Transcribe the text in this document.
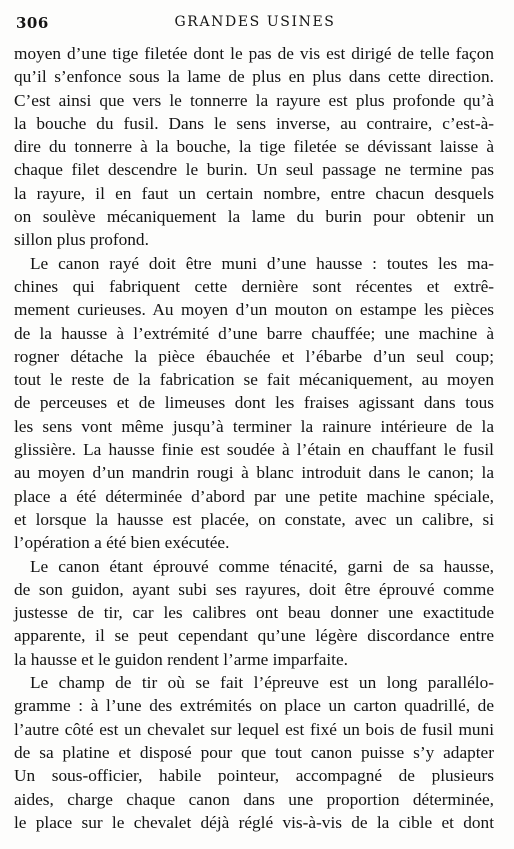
306	GRANDES USINES
moyen d’une tige filetée dont le pas de vis est dirigé de telle façon
qu’il s’enfonce sous la lame de plus en plus dans cette direction.
C’est ainsi que vers le tonnerre la rayure est plus profonde qu’à
la bouche du fusil. Dans le sens inverse, au contraire, c’est-à-
dire du tonnerre à la bouche, la tige filetée se dévissant laisse à
chaque filet descendre le burin. Un seul passage ne termine pas
la rayure, il en faut un certain nombre, entre chacun desquels
on soulève mécaniquement la lame du burin pour obtenir un
sillon plus profond.
Le canon rayé doit être muni d’une hausse : toutes les ma-
chines qui fabriquent cette dernière sont récentes et extrê-
mement curieuses. Au moyen d’un mouton on estampe les pièces
de la hausse à l’extrémité d’une barre chauffée; une machine à
rogner détache la pièce ébauchée et l’ébarbe d’un seul coup;
tout le reste de la fabrication se fait mécaniquement, au moyen
de perceuses et de limeuses dont les fraises agissant dans tous
les sens vont même jusqu’à terminer la rainure intérieure de la
glissière. La hausse finie est soudée à l’étain en chauffant le fusil
au moyen d’un mandrin rougi à blanc introduit dans le canon; la
place a été déterminée d’abord par une petite machine spéciale,
et lorsque la hausse est placée, on constate, avec un calibre, si
l’opération a été bien exécutée.
Le canon étant éprouvé comme ténacité, garni de sa hausse,
de son guidon, ayant subi ses rayures, doit être éprouvé comme
justesse de tir, car les calibres ont beau donner une exactitude
apparente, il se peut cependant qu’une légère discordance entre
la hausse et le guidon rendent l’arme imparfaite.
Le champ de tir où se fait l’épreuve est un long parallélo-
gramme : à l’une des extrémités on place un carton quadrillé, de
l’autre côté est un chevalet sur lequel est fixé un bois de fusil muni
de sa platine et disposé pour que tout canon puisse s’y adapter
Un sous-officier, habile pointeur, accompagné de plusieurs
aides, charge chaque canon dans une proportion déterminée,
le place sur le chevalet déjà réglé vis-à-vis de la cible et dont
